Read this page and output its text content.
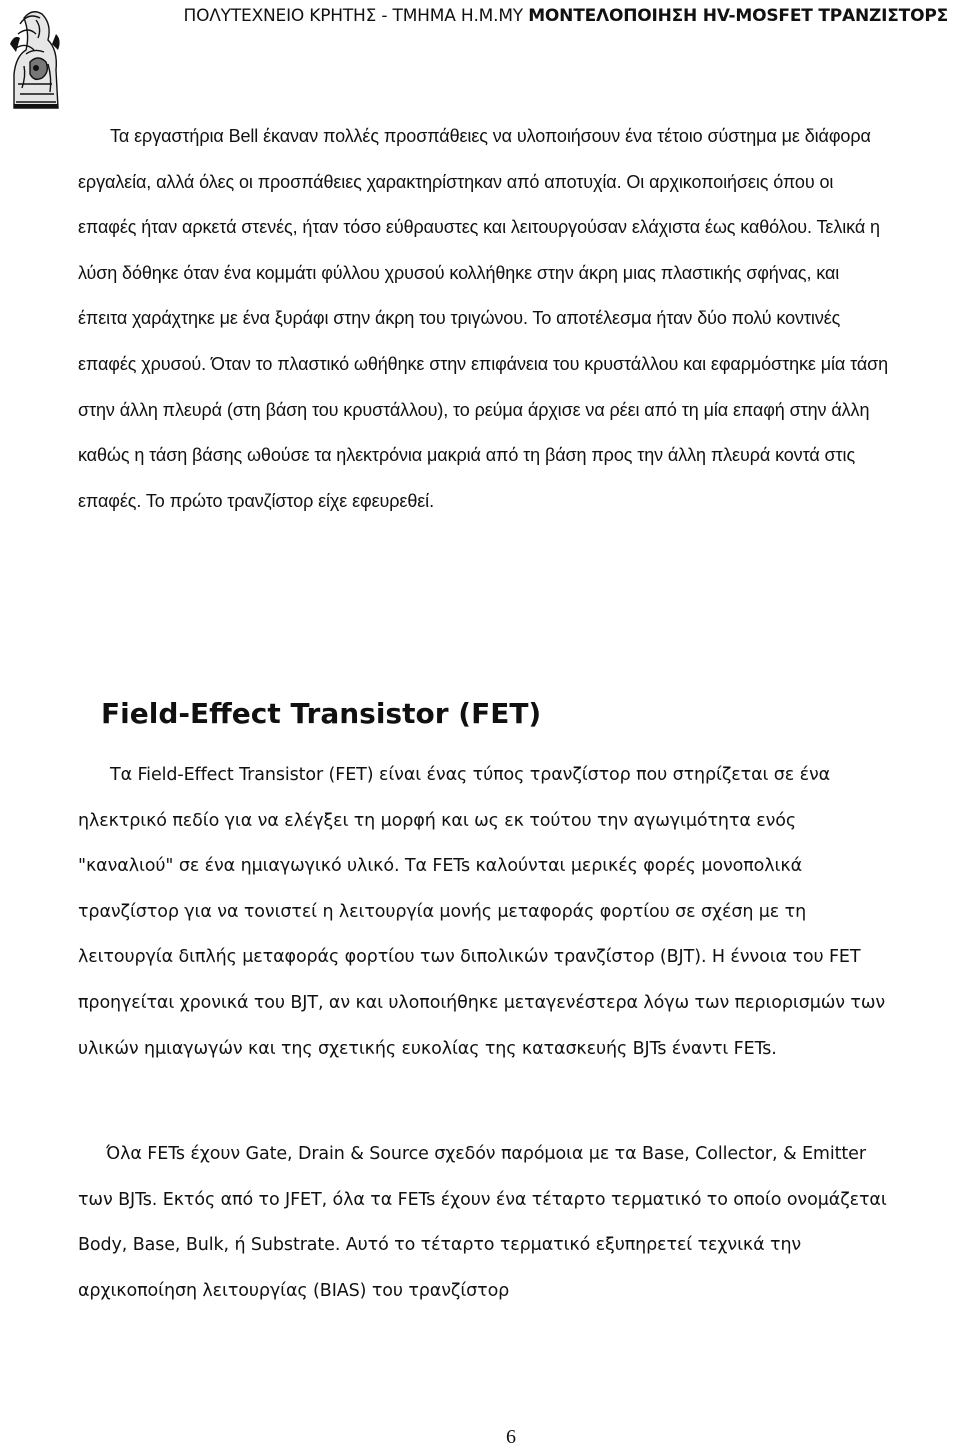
ΠΟΛΥΤΕΧΝΕΙΟ ΚΡΗΤΗΣ - ΤΜΗΜΑ Η.Μ.ΜΥ ΜΟΝΤΕΛΟΠΟΙΗΣΗ HV-MOSFET ΤΡΑΝΖΙΣΤΟΡΣ

Τα εργαστήρια Bell έκαναν πολλές προσπάθειες να υλοποιήσουν ένα τέτοιο σύστημα με διάφορα εργαλεία, αλλά όλες οι προσπάθειες χαρακτηρίστηκαν από αποτυχία. Οι αρχικοποιήσεις όπου οι επαφές ήταν αρκετά στενές, ήταν τόσο εύθραυστες και λειτουργούσαν ελάχιστα έως καθόλου. Τελικά η λύση δόθηκε όταν ένα κομμάτι φύλλου χρυσού κολλήθηκε στην άκρη μιας πλαστικής σφήνας, και έπειτα χαράχτηκε με ένα ξυράφι στην άκρη του τριγώνου. Το αποτέλεσμα ήταν δύο πολύ κοντινές επαφές χρυσού. Όταν το πλαστικό ωθήθηκε στην επιφάνεια του κρυστάλλου και εφαρμόστηκε μία τάση στην άλλη πλευρά (στη βάση του κρυστάλλου), το ρεύμα άρχισε να ρέει από τη μία επαφή στην άλλη καθώς η τάση βάσης ωθούσε τα ηλεκτρόνια μακριά από τη βάση προς την άλλη πλευρά κοντά στις επαφές. Το πρώτο τρανζίστορ είχε εφευρεθεί.

Field-Effect Transistor (FET)

Τα Field-Effect Transistor (FET) είναι ένας τύπος τρανζίστορ που στηρίζεται σε ένα ηλεκτρικό πεδίο για να ελέγξει τη μορφή και ως εκ τούτου την αγωγιμότητα ενός "καναλιού" σε ένα ημιαγωγικό υλικό. Τα FETs καλούνται μερικές φορές μονοπολικά τρανζίστορ για να τονιστεί η λειτουργία μονής μεταφοράς φορτίου σε σχέση με τη λειτουργία διπλής μεταφοράς φορτίου των διπολικών τρανζίστορ (BJT). Η έννοια του FET προηγείται χρονικά του BJT, αν και υλοποιήθηκε μεταγενέστερα λόγω των περιορισμών των υλικών ημιαγωγών και της σχετικής ευκολίας της κατασκευής BJTs έναντι FETs.

Όλα FETs έχουν Gate, Drain & Source σχεδόν παρόμοια με τα Base, Collector, & Emitter των BJTs. Εκτός από το JFET, όλα τα FETs έχουν ένα τέταρτο τερματικό το οποίο ονομάζεται Body, Base, Bulk, ή Substrate. Αυτό το τέταρτο τερματικό εξυπηρετεί τεχνικά την αρχικοποίηση λειτουργίας (BIAS) του τρανζίστορ

6
